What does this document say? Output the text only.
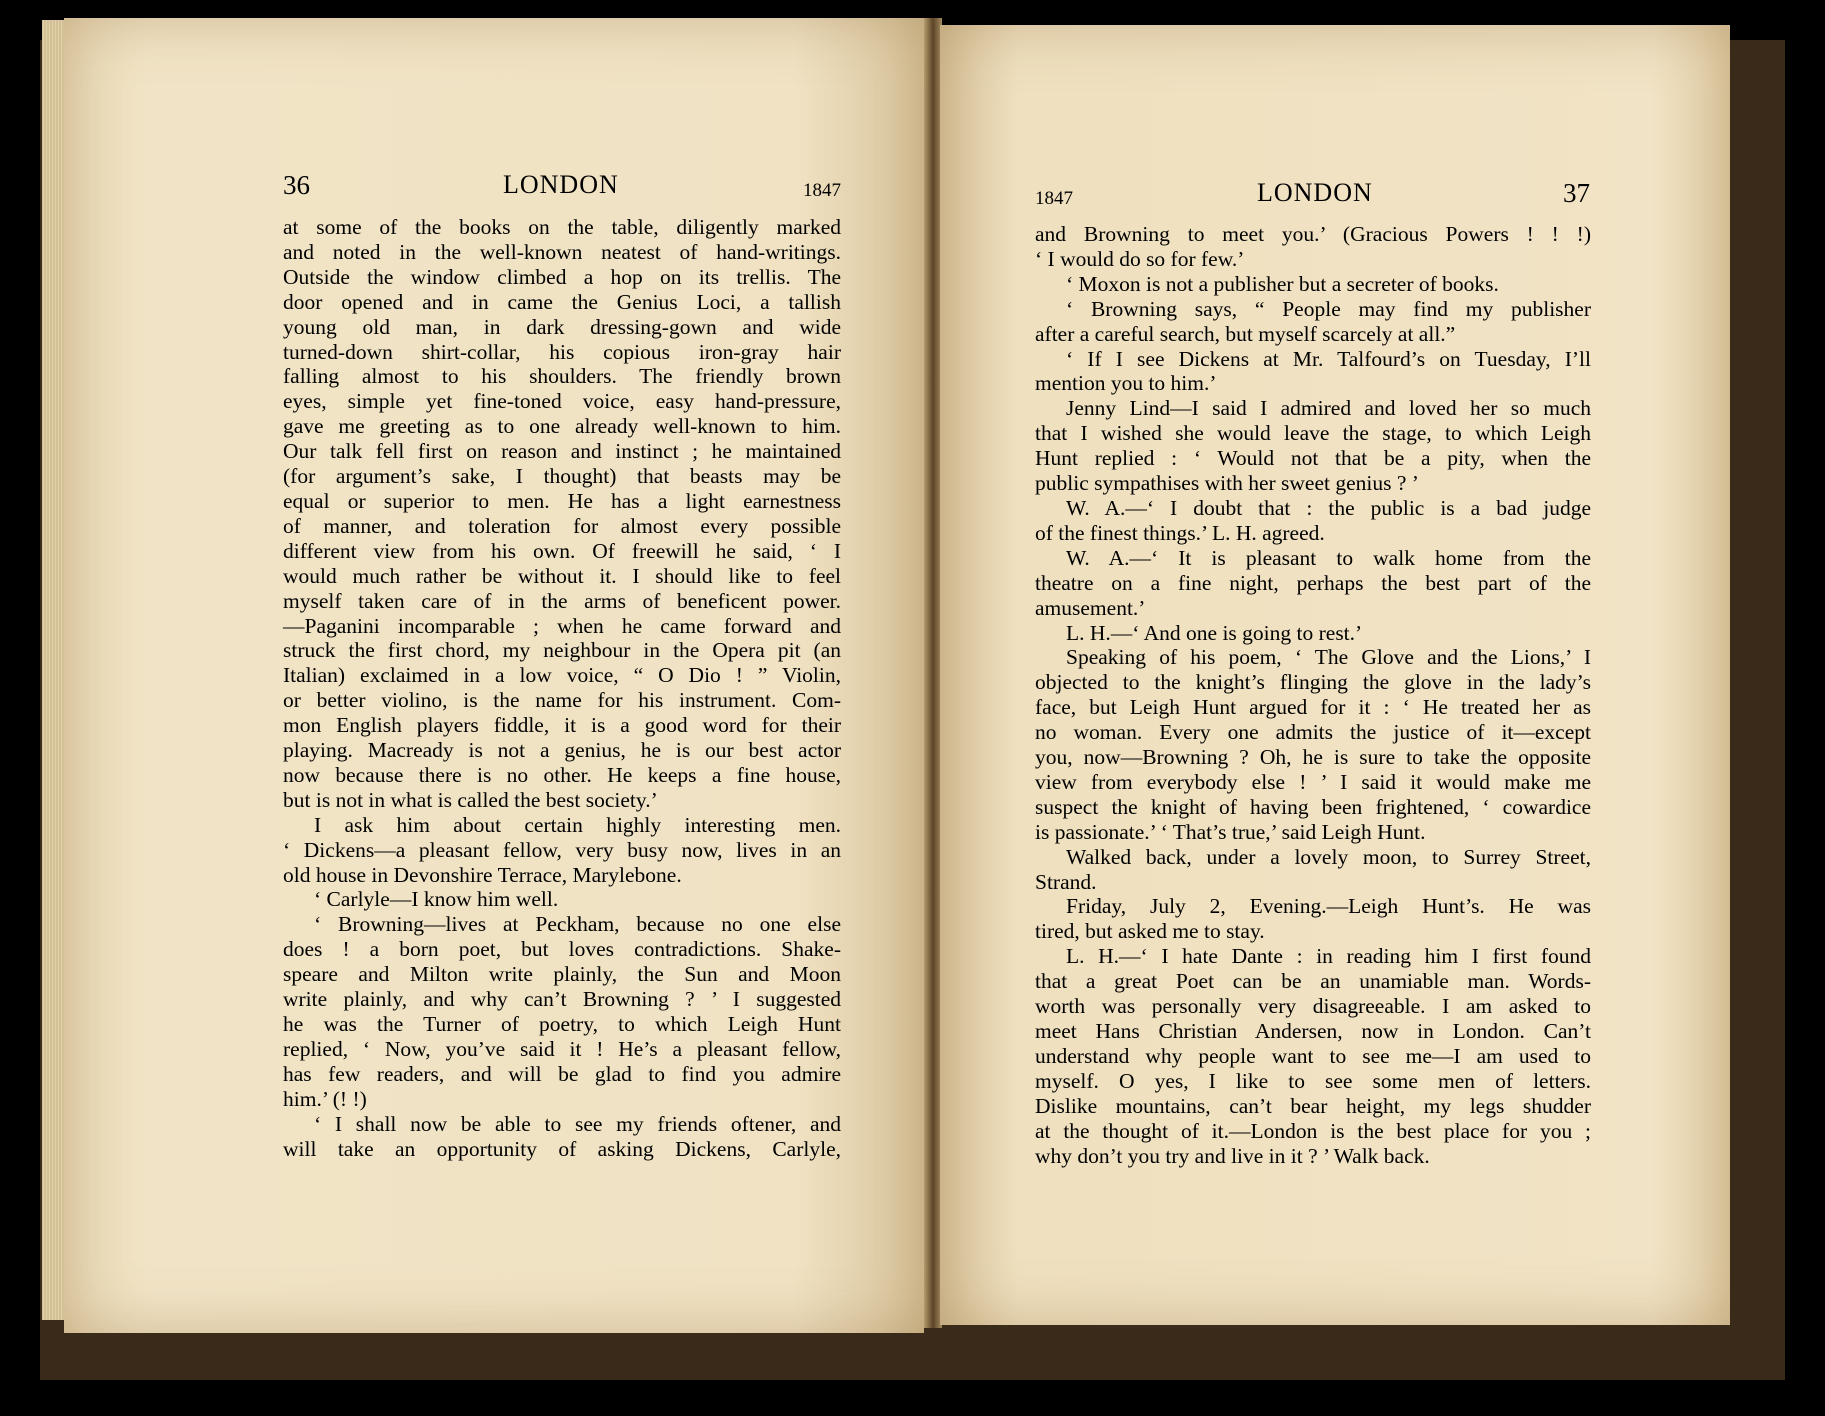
36	LONDON	1847	1847	LONDON	37

at some of the books on the table, diligently marked

and noted in the well-known neatest of hand-writings.

Outside the window climbed a hop on its trellis. The

door opened and in came the Genius Loci, a tallish

young old man, in dark dressing-gown and wide

turned-down shirt-collar, his copious iron-gray hair

falling almost to his shoulders. The friendly brown

eyes, simple yet fine-toned voice, easy hand-pressure,

gave me greeting as to one already well-known to him.

Our talk fell first on reason and instinct ; he maintained

(for argument’s sake, I thought) that beasts may be

equal or superior to men. He has a light earnestness

of manner, and toleration for almost every possible

different view from his own. Of freewill he said, ‘ I

would much rather be without it. I should like to feel

myself taken care of in the arms of beneficent power.

—Paganini incomparable ; when he came forward and

struck the first chord, my neighbour in the Opera pit (an

Italian) exclaimed in a low voice, “ O Dio ! ” Violin,

or better violino, is the name for his instrument. Com-

mon English players fiddle, it is a good word for their

playing. Macready is not a genius, he is our best actor

now because there is no other. He keeps a fine house,

but is not in what is called the best society.’

I ask him about certain highly interesting men.

‘ Dickens—a pleasant fellow, very busy now, lives in an

old house in Devonshire Terrace, Marylebone.

‘ Carlyle—I know him well.

‘ Browning—lives at Peckham, because no one else

does ! a born poet, but loves contradictions. Shake-

speare and Milton write plainly, the Sun and Moon

write plainly, and why can’t Browning ? ’ I suggested

he was the Turner of poetry, to which Leigh Hunt

replied, ‘ Now, you’ve said it ! He’s a pleasant fellow,

has few readers, and will be glad to find you admire

him.’ (! !)

‘ I shall now be able to see my friends oftener, and

will take an opportunity of asking Dickens, Carlyle,

and Browning to meet you.’ (Gracious Powers ! ! !)

‘ I would do so for few.’

‘ Moxon is not a publisher but a secreter of books.

‘ Browning says, “ People may find my publisher

after a careful search, but myself scarcely at all.”

‘ If I see Dickens at Mr. Talfourd’s on Tuesday, I’ll

mention you to him.’

Jenny Lind—I said I admired and loved her so much

that I wished she would leave the stage, to which Leigh

Hunt replied : ‘ Would not that be a pity, when the

public sympathises with her sweet genius ? ’

W. A.—‘ I doubt that : the public is a bad judge

of the finest things.’ L. H. agreed.

W. A.—‘ It is pleasant to walk home from the

theatre on a fine night, perhaps the best part of the

amusement.’

L. H.—‘ And one is going to rest.’

Speaking of his poem, ‘ The Glove and the Lions,’ I

objected to the knight’s flinging the glove in the lady’s

face, but Leigh Hunt argued for it : ‘ He treated her as

no woman. Every one admits the justice of it—except

you, now—Browning ? Oh, he is sure to take the opposite

view from everybody else ! ’ I said it would make me

suspect the knight of having been frightened, ‘ cowardice

is passionate.’ ‘ That’s true,’ said Leigh Hunt.

Walked back, under a lovely moon, to Surrey Street,

Strand.

Friday, July 2, Evening.—Leigh Hunt’s. He was

tired, but asked me to stay.

L. H.—‘ I hate Dante : in reading him I first found

that a great Poet can be an unamiable man. Words-

worth was personally very disagreeable. I am asked to

meet Hans Christian Andersen, now in London. Can’t

understand why people want to see me—I am used to

myself. O yes, I like to see some men of letters.

Dislike mountains, can’t bear height, my legs shudder

at the thought of it.—London is the best place for you ;

why don’t you try and live in it ? ’ Walk back.
